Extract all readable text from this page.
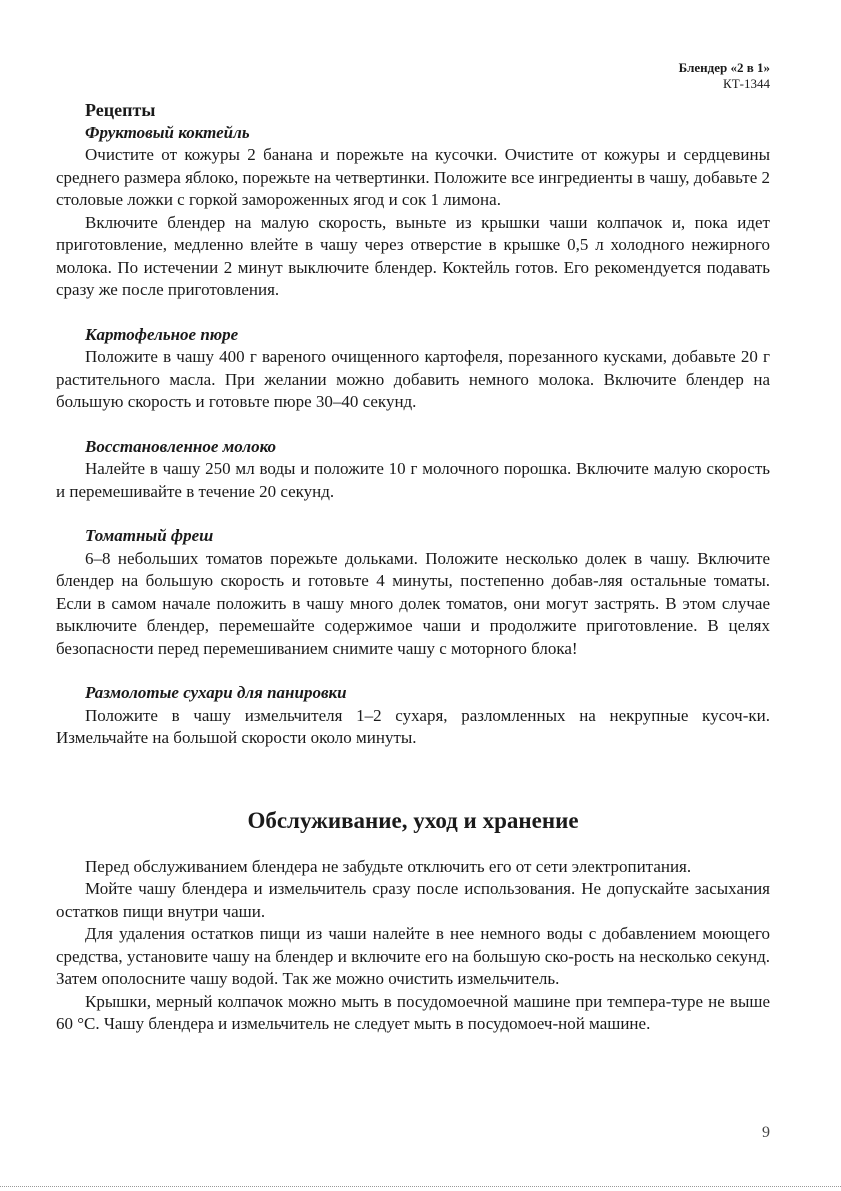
Блендер «2 в 1»
КТ-1344
Рецепты
Фруктовый коктейль

Очистите от кожуры 2 банана и порежьте на кусочки. Очистите от кожуры и сердцевины среднего размера яблоко, порежьте на четвертинки. Положите все ингредиенты в чашу, добавьте 2 столовые ложки с горкой замороженных ягод и сок 1 лимона.

Включите блендер на малую скорость, выньте из крышки чаши колпачок и, пока идет приготовление, медленно влейте в чашу через отверстие в крышке 0,5 л холодного нежирного молока. По истечении 2 минут выключите блендер. Коктейль готов. Его рекомендуется подавать сразу же после приготовления.

Картофельное пюре

Положите в чашу 400 г вареного очищенного картофеля, порезанного кусками, добавьте 20 г растительного масла. При желании можно добавить немного молока. Включите блендер на большую скорость и готовьте пюре 30–40 секунд.

Восстановленное молоко

Налейте в чашу 250 мл воды и положите 10 г молочного порошка. Включите малую скорость и перемешивайте в течение 20 секунд.

Томатный фреш

6–8 небольших томатов порежьте дольками. Положите несколько долек в чашу. Включите блендер на большую скорость и готовьте 4 минуты, постепенно добав-ляя остальные томаты. Если в самом начале положить в чашу много долек томатов, они могут застрять. В этом случае выключите блендер, перемешайте содержимое чаши и продолжите приготовление. В целях безопасности перед перемешиванием снимите чашу с моторного блока!

Размолотые сухари для панировки

Положите в чашу измельчителя 1–2 сухаря, разломленных на некрупные кусоч-ки. Измельчайте на большой скорости около минуты.

Обслуживание, уход и хранение

Перед обслуживанием блендера не забудьте отключить его от сети электропитания.

Мойте чашу блендера и измельчитель сразу после использования. Не допускайте засыхания остатков пищи внутри чаши.

Для удаления остатков пищи из чаши налейте в нее немного воды с добавлением моющего средства, установите чашу на блендер и включите его на большую ско-рость на несколько секунд. Затем ополосните чашу водой. Так же можно очистить измельчитель.

Крышки, мерный колпачок можно мыть в посудомоечной машине при темпера-туре не выше 60 °С. Чашу блендера и измельчитель не следует мыть в посудомоеч-ной машине.

9
